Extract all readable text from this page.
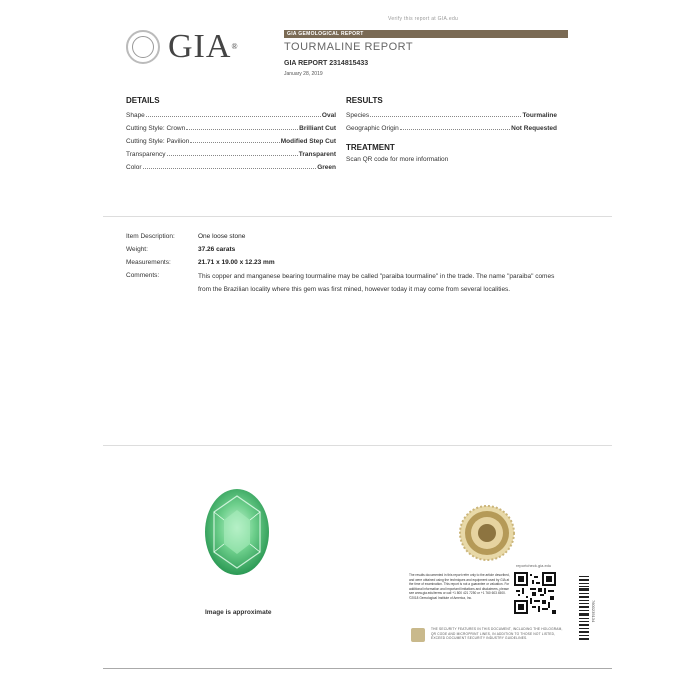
Verify this report at GIA.edu
GIA®
GIA GEMOLOGICAL REPORT
TOURMALINE REPORT
GIA REPORT 2314815433
January 28, 2019
DETAILS
Shape	Oval
Cutting Style: Crown	Brilliant Cut
Cutting Style: Pavilion	Modified Step Cut
Transparency	Transparent
Color	Green
RESULTS
Species	Tourmaline
Geographic Origin	Not Requested
TREATMENT
Scan QR code for more information
Item Description:	One loose stone
Weight:	37.26 carats
Measurements:	21.71 x 19.00 x 12.23 mm
Comments:	This copper and manganese bearing tourmaline may be called "paraiba tourmaline" in the trade. The name "paraiba" comes from the Brazilian locality where this gem was first mined, however today it may come from several localities.
Image is approximate
reportcheck.gia.edu
The results documented in this report refer only to the article described, and were obtained using the techniques and equipment used by GIA at the time of examination. This report is not a guarantee or valuation. For additional information and important limitations and disclaimers, please see www.gia.edu/terms or call +1 800 421 7250 or +1 760 603 4500. ©2018 Gemological Institute of America, Inc.
7600235134
THE SECURITY FEATURES IN THIS DOCUMENT, INCLUDING THE HOLOGRAM, QR CODE AND MICROPRINT LINES, IN ADDITION TO THOSE NOT LISTED, EXCEED DOCUMENT SECURITY INDUSTRY GUIDELINES.
